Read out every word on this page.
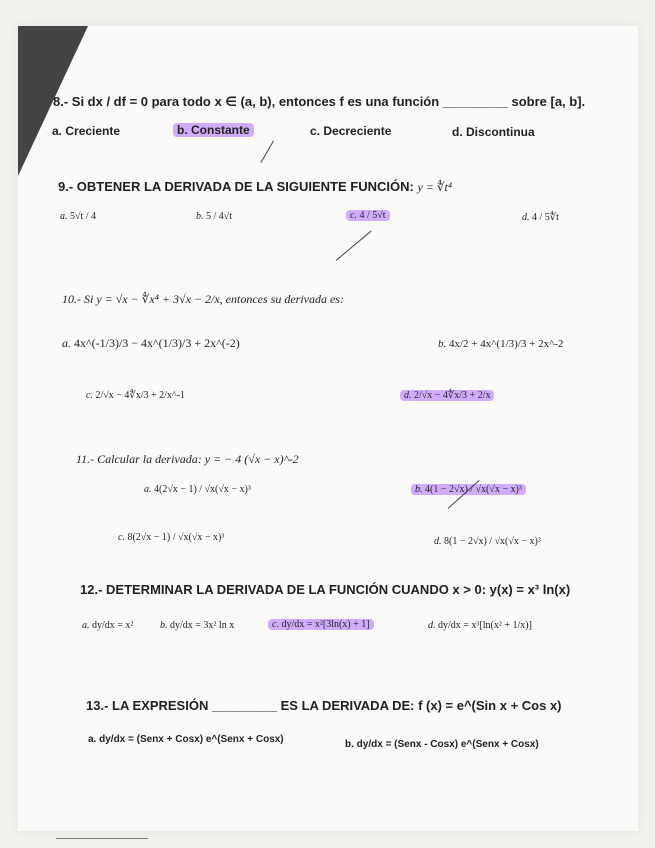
8.- Si dx / df = 0 para todo x ∈ (a, b), entonces f es una función _________ sobre [a, b].
a. Creciente	b. Constante	c. Decreciente	d. Discontinua
9.- OBTENER LA DERIVADA DE LA SIGUIENTE FUNCIÓN: y = ∜t⁴
a. 5√t / 4	b. 5 / 4√t	c. 4 / 5√t	d. 4 / 5∜t
10.- Si y = √x − ∜x⁴ + 3√x − 2/x, entonces su derivada es:
a. 4x^(-1/3)/3 − 4x^(1/3)/3 + 2x^(-2)	b. 4x/2 + 4x^(1/3)/3 + 2x^-2
c. 2/√x − 4∜x/3 + 2/x^-1	d. 2/√x − 4∜x/3 + 2/x
11.- Calcular la derivada: y = − 4 (√x − x)^-2
a. 4(2√x − 1) / √x(√x − x)³	b. 4(1 − 2√x) / √x(√x − x)³
c. 8(2√x − 1) / √x(√x − x)³	d. 8(1 − 2√x) / √x(√x − x)³
12.- DETERMINAR LA DERIVADA DE LA FUNCIÓN CUANDO x > 0: y(x) = x³ ln(x)
a. dy/dx = x²	b. dy/dx = 3x² ln x	c. dy/dx = x²[3ln(x) + 1]	d. dy/dx = x³[ln(x² + 1/x)]
13.- LA EXPRESIÓN _________ ES LA DERIVADA DE: f (x) = e^(Sin x + Cos x)
a. dy/dx = (Senx + Cosx) e^(Senx + Cosx)	b. dy/dx = (Senx - Cosx) e^(Senx + Cosx)
